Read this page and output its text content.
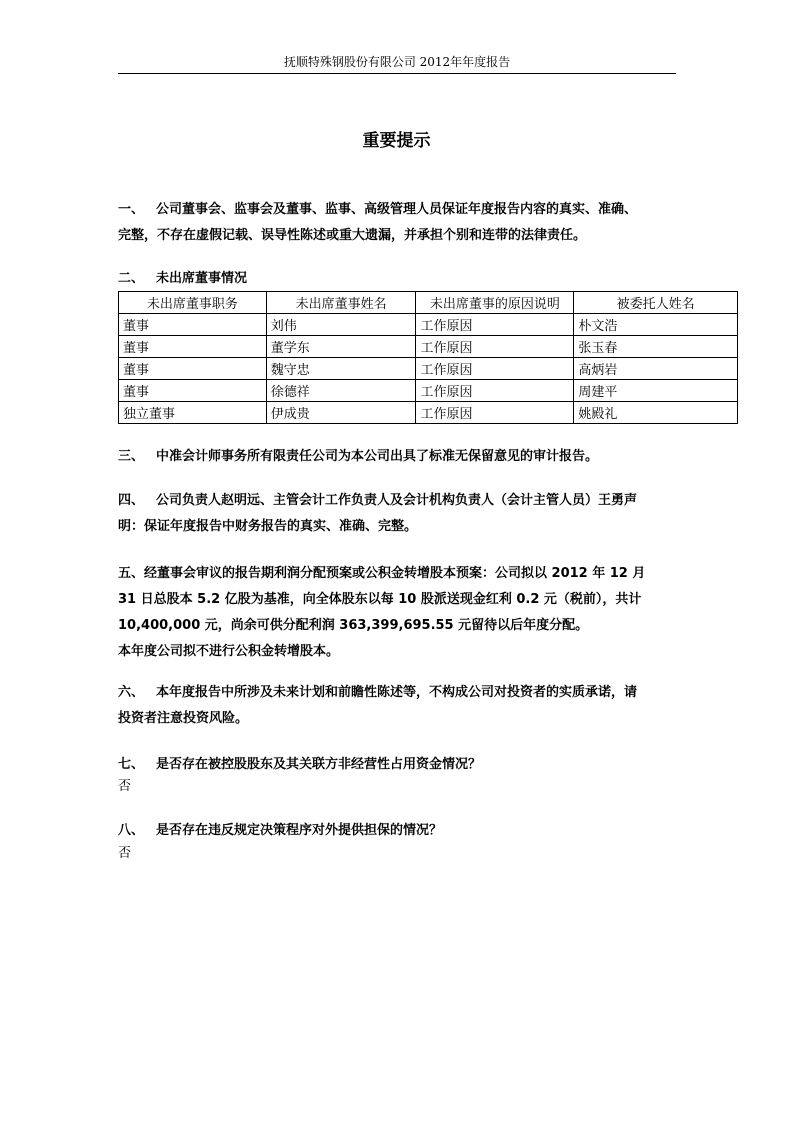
抚顺特殊钢股份有限公司 2012年年度报告
重要提示
一、 公司董事会、监事会及董事、监事、高级管理人员保证年度报告内容的真实、准确、
完整，不存在虚假记载、误导性陈述或重大遗漏，并承担个别和连带的法律责任。
二、 未出席董事情况
未出席董事职务	未出席董事姓名	未出席董事的原因说明	被委托人姓名
董事	刘伟	工作原因	朴文浩
董事	董学东	工作原因	张玉春
董事	魏守忠	工作原因	高炳岩
董事	徐德祥	工作原因	周建平
独立董事	伊成贵	工作原因	姚殿礼
三、 中准会计师事务所有限责任公司为本公司出具了标准无保留意见的审计报告。
四、 公司负责人赵明远、主管会计工作负责人及会计机构负责人（会计主管人员）王勇声
明：保证年度报告中财务报告的真实、准确、完整。
五、经董事会审议的报告期利润分配预案或公积金转增股本预案：公司拟以 2012 年 12 月
31 日总股本 5.2 亿股为基准，向全体股东以每 10 股派送现金红利 0.2 元（税前），共计
10,400,000 元，尚余可供分配利润 363,399,695.55 元留待以后年度分配。
本年度公司拟不进行公积金转增股本。
六、 本年度报告中所涉及未来计划和前瞻性陈述等，不构成公司对投资者的实质承诺，请
投资者注意投资风险。
七、 是否存在被控股股东及其关联方非经营性占用资金情况？
否
八、 是否存在违反规定决策程序对外提供担保的情况？
否
